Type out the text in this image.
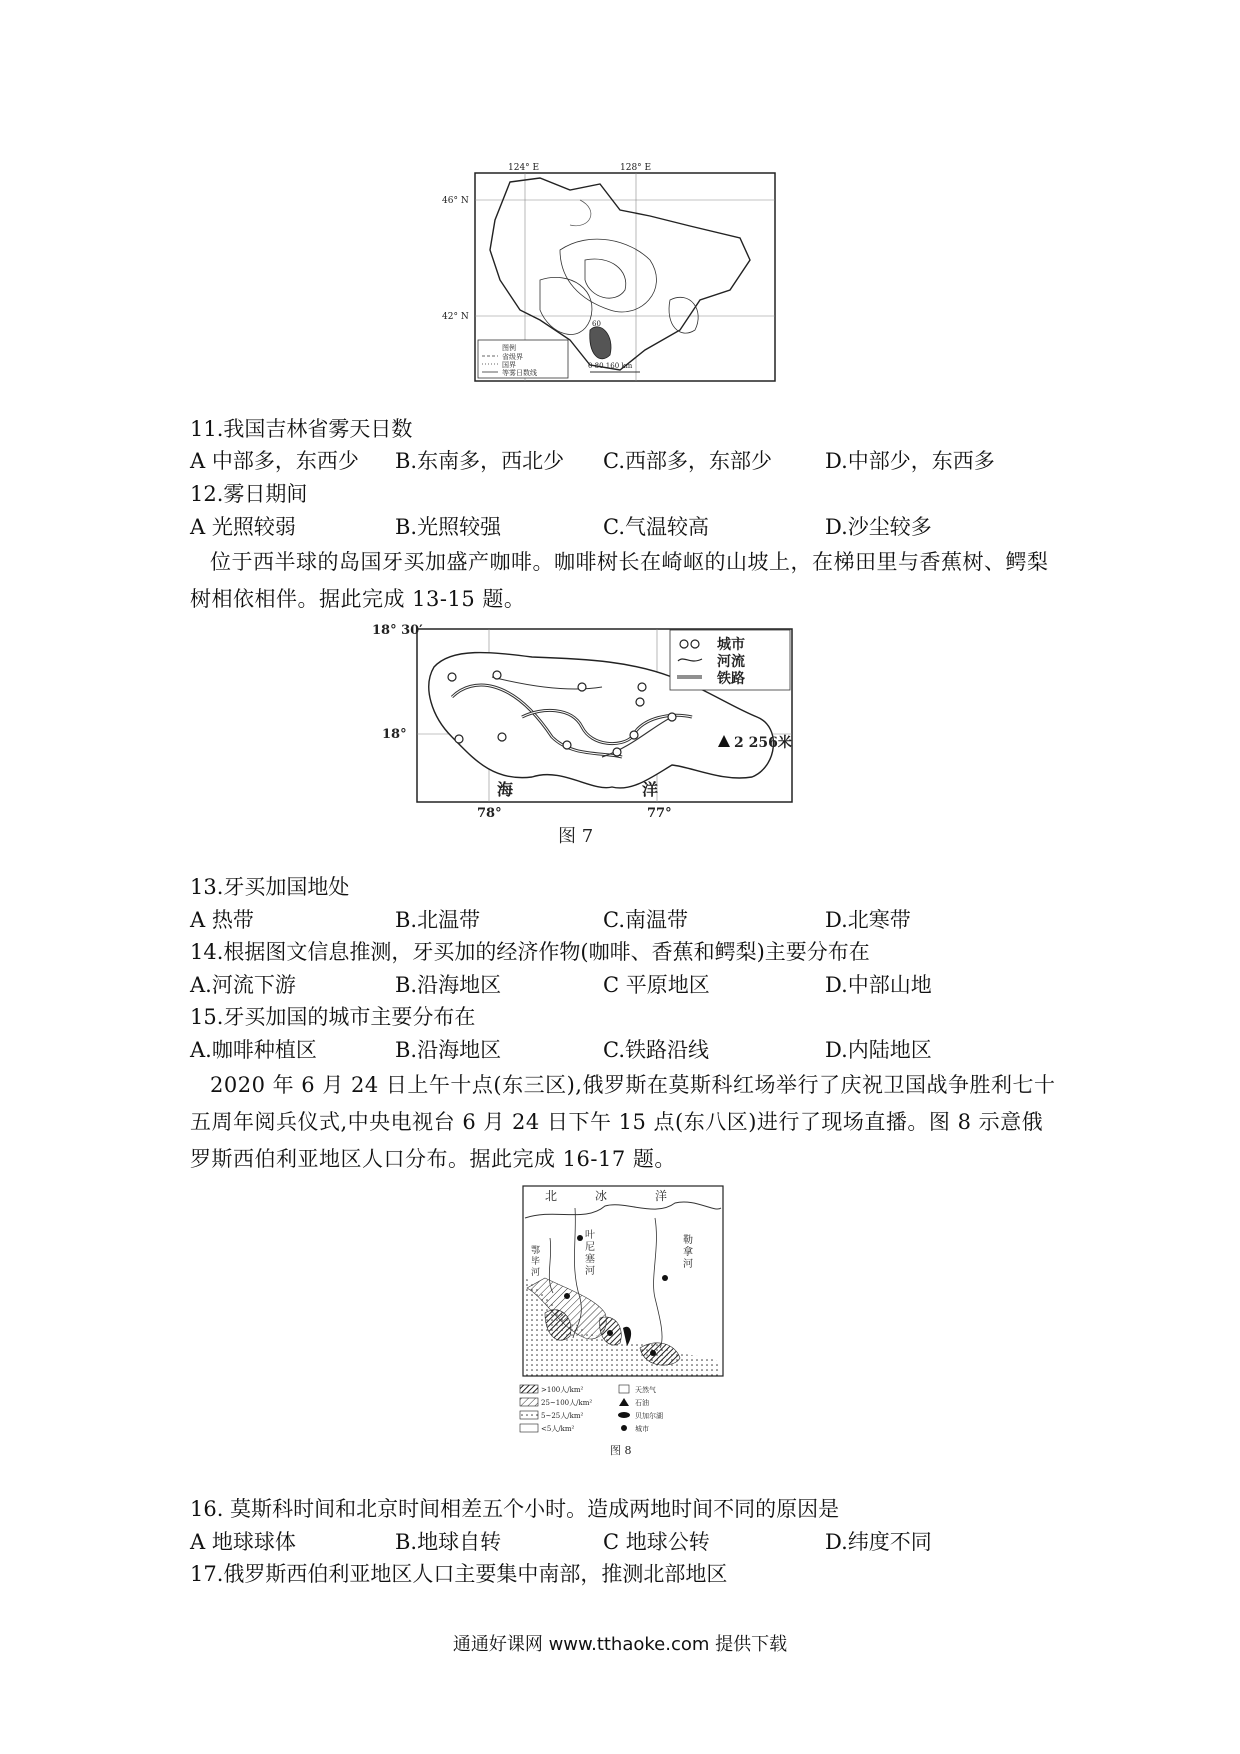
124° E	128° E
46° N
42° N
图例
省级界
国界
等雾日数线
0 80 160 km
60
11.我国吉林省雾天日数
A 中部多，东西少 B.东南多，西北少 C.西部多，东部少	D.中部少，东西多
12.雾日期间
A 光照较弱	B.光照较强	C.气温较高	D.沙尘较多
位于西半球的岛国牙买加盛产咖啡。咖啡树长在崎岖的山坡上，在梯田里与香蕉树、鳄梨树相依相伴。据此完成 13-15 题。
城市
河流
铁路
18° 30′
18°
78°	77°
2 256米
海	洋
图 7
13.牙买加国地处
A 热带	B.北温带	C.南温带	D.北寒带
14.根据图文信息推测，牙买加的经济作物(咖啡、香蕉和鳄梨)主要分布在
A.河流下游	B.沿海地区	C 平原地区	D.中部山地
15.牙买加国的城市主要分布在
A.咖啡种植区	B.沿海地区	C.铁路沿线	D.内陆地区
2020 年 6 月 24 日上午十点(东三区),俄罗斯在莫斯科红场举行了庆祝卫国战争胜利七十五周年阅兵仪式,中央电视台 6 月 24 日下午 15 点(东八区)进行了现场直播。图 8 示意俄罗斯西伯利亚地区人口分布。据此完成 16-17 题。
北	冰	洋
叶
尼
塞
河
勒
拿
河
鄂
毕
河
>100人/km²
25~100人/km²
5~25人/km²
<5人/km²
天然气
石油
贝加尔湖
城市
图 8
16. 莫斯科时间和北京时间相差五个小时。造成两地时间不同的原因是
A 地球球体	B.地球自转	C 地球公转	D.纬度不同
17.俄罗斯西伯利亚地区人口主要集中南部，推测北部地区
通通好课网 www.tthaoke.com 提供下载
